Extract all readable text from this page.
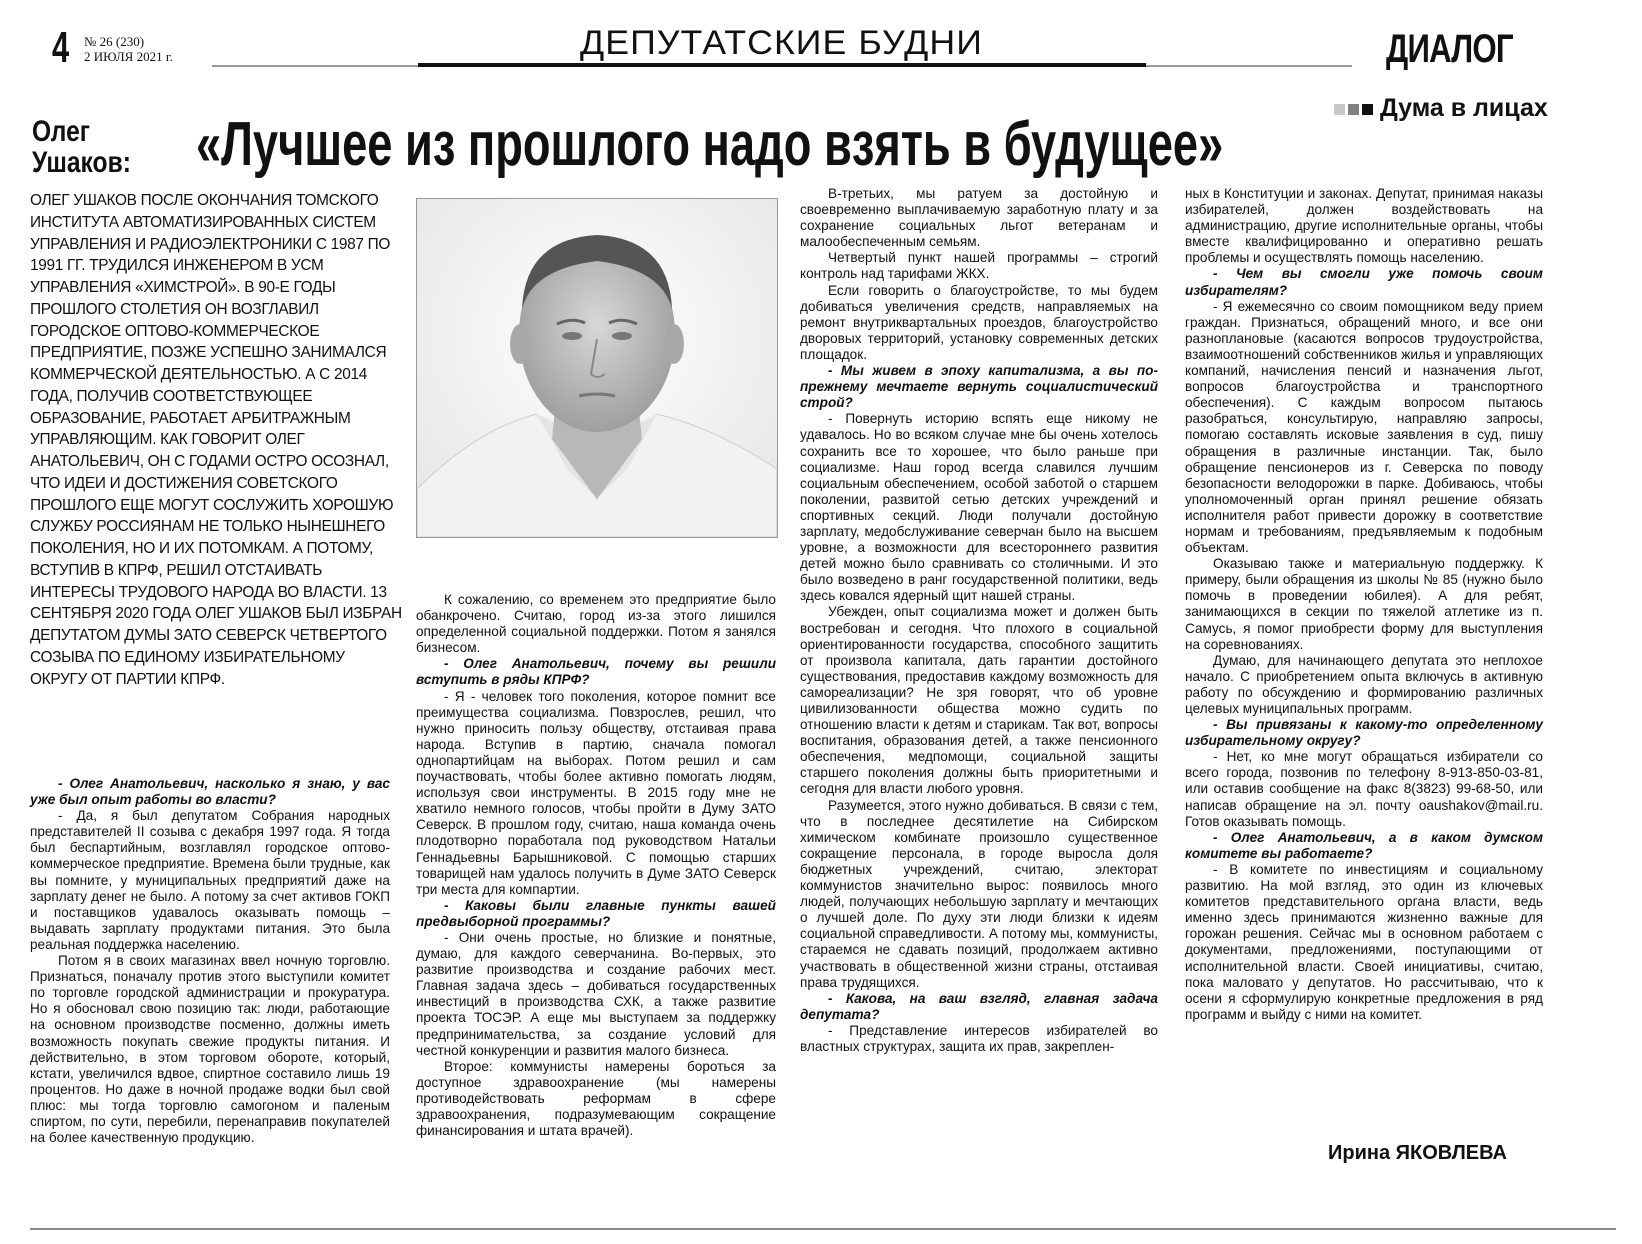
4 № 26 (230)
2 ИЮЛЯ 2021 г.	ДЕПУТАТСКИЕ БУДНИ	ДИАЛОГ
Дума в лицах
Олег
Ушаков: «Лучшее из прошлого надо взять в будущее»
ОЛЕГ УШАКОВ ПОСЛЕ ОКОНЧАНИЯ ТОМСКОГО ИНСТИТУТА АВТОМАТИЗИРОВАННЫХ СИСТЕМ УПРАВЛЕНИЯ И РАДИОЭЛЕКТРОНИКИ С 1987 ПО 1991 ГГ. ТРУДИЛСЯ ИНЖЕНЕРОМ В УСМ УПРАВЛЕНИЯ «ХИМСТРОЙ». В 90-Е ГОДЫ ПРОШЛОГО СТОЛЕТИЯ ОН ВОЗГЛАВИЛ ГОРОДСКОЕ ОПТОВО-КОММЕРЧЕСКОЕ ПРЕДПРИЯТИЕ, ПОЗЖЕ УСПЕШНО ЗАНИМАЛСЯ КОММЕРЧЕСКОЙ ДЕЯТЕЛЬНОСТЬЮ. А С 2014 ГОДА, ПОЛУЧИВ СООТВЕТСТВУЮЩЕЕ ОБРАЗОВАНИЕ, РАБОТАЕТ АРБИТРАЖНЫМ УПРАВЛЯЮЩИМ. КАК ГОВОРИТ ОЛЕГ АНАТОЛЬЕВИЧ, ОН С ГОДАМИ ОСТРО ОСОЗНАЛ, ЧТО ИДЕИ И ДОСТИЖЕНИЯ СОВЕТСКОГО ПРОШЛОГО ЕЩЕ МОГУТ СОСЛУЖИТЬ ХОРОШУЮ СЛУЖБУ РОССИЯНАМ НЕ ТОЛЬКО НЫНЕШНЕГО ПОКОЛЕНИЯ, НО И ИХ ПОТОМКАМ. А ПОТОМУ, ВСТУПИВ В КПРФ, РЕШИЛ ОТСТАИВАТЬ ИНТЕРЕСЫ ТРУДОВОГО НАРОДА ВО ВЛАСТИ. 13 СЕНТЯБРЯ 2020 ГОДА ОЛЕГ УШАКОВ БЫЛ ИЗБРАН ДЕПУТАТОМ ДУМЫ ЗАТО СЕВЕРСК ЧЕТВЕРТОГО СОЗЫВА ПО ЕДИНОМУ ИЗБИРАТЕЛЬНОМУ ОКРУГУ ОТ ПАРТИИ КПРФ.

- Олег Анатольевич, насколько я знаю, у вас уже был опыт работы во власти?

- Да, я был депутатом Собрания народных представителей II созыва с декабря 1997 года. Я тогда был беспартийным, возглавлял городское оптово-коммерческое предприятие. Времена были трудные, как вы помните, у муниципальных предприятий даже на зарплату денег не было. А потому за счет активов ГОКП и поставщиков удавалось оказывать помощь – выдавать зарплату продуктами питания. Это была реальная поддержка населению.

Потом я в своих магазинах ввел ночную торговлю. Признаться, поначалу против этого выступили комитет по торговле городской администрации и прокуратура. Но я обосновал свою позицию так: люди, работающие на основном производстве посменно, должны иметь возможность покупать свежие продукты питания. И действительно, в этом торговом обороте, который, кстати, увеличился вдвое, спиртное составило лишь 19 процентов. Но даже в ночной продаже водки был свой плюс: мы тогда торговлю самогоном и паленым спиртом, по сути, перебили, перенаправив покупателей на более качественную продукцию.

К сожалению, со временем это предприятие было обанкрочено. Считаю, город из-за этого лишился определенной социальной поддержки. Потом я занялся бизнесом.

- Олег Анатольевич, почему вы решили вступить в ряды КПРФ?

- Я - человек того поколения, которое помнит все преимущества социализма. Повзрослев, решил, что нужно приносить пользу обществу, отстаивая права народа. Вступив в партию, сначала помогал однопартийцам на выборах. Потом решил и сам поучаствовать, чтобы более активно помогать людям, используя свои инструменты. В 2015 году мне не хватило немного голосов, чтобы пройти в Думу ЗАТО Северск. В прошлом году, считаю, наша команда очень плодотворно поработала под руководством Натальи Геннадьевны Барышниковой. С помощью старших товарищей нам удалось получить в Думе ЗАТО Северск три места для компартии.

- Каковы были главные пункты вашей предвыборной программы?

- Они очень простые, но близкие и понятные, думаю, для каждого северчанина. Во-первых, это развитие производства и создание рабочих мест. Главная задача здесь – добиваться государственных инвестиций в производства СХК, а также развитие проекта ТОСЭР. А еще мы выступаем за поддержку предпринимательства, за создание условий для честной конкуренции и развития малого бизнеса.

Второе: коммунисты намерены бороться за доступное здравоохранение (мы намерены противодействовать реформам в сфере здравоохранения, подразумевающим сокращение финансирования и штата врачей).

В-третьих, мы ратуем за достойную и своевременно выплачиваемую заработную плату и за сохранение социальных льгот ветеранам и малообеспеченным семьям.

Четвертый пункт нашей программы – строгий контроль над тарифами ЖКХ.

Если говорить о благоустройстве, то мы будем добиваться увеличения средств, направляемых на ремонт внутриквартальных проездов, благоустройство дворовых территорий, установку современных детских площадок.

- Мы живем в эпоху капитализма, а вы по-прежнему мечтаете вернуть социалистический строй?

- Повернуть историю вспять еще никому не удавалось. Но во всяком случае мне бы очень хотелось сохранить все то хорошее, что было раньше при социализме. Наш город всегда славился лучшим социальным обеспечением, особой заботой о старшем поколении, развитой сетью детских учреждений и спортивных секций. Люди получали достойную зарплату, медобслуживание северчан было на высшем уровне, а возможности для всестороннего развития детей можно было сравнивать со столичными. И это было возведено в ранг государственной политики, ведь здесь ковался ядерный щит нашей страны.

Убежден, опыт социализма может и должен быть востребован и сегодня. Что плохого в социальной ориентированности государства, способного защитить от произвола капитала, дать гарантии достойного существования, предоставив каждому возможность для самореализации? Не зря говорят, что об уровне цивилизованности общества можно судить по отношению власти к детям и старикам. Так вот, вопросы воспитания, образования детей, а также пенсионного обеспечения, медпомощи, социальной защиты старшего поколения должны быть приоритетными и сегодня для власти любого уровня.

Разумеется, этого нужно добиваться. В связи с тем, что в последнее десятилетие на Сибирском химическом комбинате произошло существенное сокращение персонала, в городе выросла доля бюджетных учреждений, считаю, электорат коммунистов значительно вырос: появилось много людей, получающих небольшую зарплату и мечтающих о лучшей доле. По духу эти люди близки к идеям социальной справедливости. А потому мы, коммунисты, стараемся не сдавать позиций, продолжаем активно участвовать в общественной жизни страны, отстаивая права трудящихся.

- Какова, на ваш взгляд, главная задача депутата?

- Представление интересов избирателей во властных структурах, защита их прав, закреплен-

ных в Конституции и законах. Депутат, принимая наказы избирателей, должен воздействовать на администрацию, другие исполнительные органы, чтобы вместе квалифицированно и оперативно решать проблемы и осуществлять помощь населению.

- Чем вы смогли уже помочь своим избирателям?

- Я ежемесячно со своим помощником веду прием граждан. Признаться, обращений много, и все они разноплановые (касаются вопросов трудоустройства, взаимоотношений собственников жилья и управляющих компаний, начисления пенсий и назначения льгот, вопросов благоустройства и транспортного обеспечения). С каждым вопросом пытаюсь разобраться, консультирую, направляю запросы, помогаю составлять исковые заявления в суд, пишу обращения в различные инстанции. Так, было обращение пенсионеров из г. Северска по поводу безопасности велодорожки в парке. Добиваюсь, чтобы уполномоченный орган принял решение обязать исполнителя работ привести дорожку в соответствие нормам и требованиям, предъявляемым к подобным объектам.

Оказываю также и материальную поддержку. К примеру, были обращения из школы № 85 (нужно было помочь в проведении юбилея). А для ребят, занимающихся в секции по тяжелой атлетике из п. Самусь, я помог приобрести форму для выступления на соревнованиях.

Думаю, для начинающего депутата это неплохое начало. С приобретением опыта включусь в активную работу по обсуждению и формированию различных целевых муниципальных программ.

- Вы привязаны к какому-то определенному избирательному округу?

- Нет, ко мне могут обращаться избиратели со всего города, позвонив по телефону 8-913-850-03-81, или оставив сообщение на факс 8(3823) 99-68-50, или написав обращение на эл. почту oaushakov@mail.ru. Готов оказывать помощь.

- Олег Анатольевич, а в каком думском комитете вы работаете?

- В комитете по инвестициям и социальному развитию. На мой взгляд, это один из ключевых комитетов представительного органа власти, ведь именно здесь принимаются жизненно важные для горожан решения. Сейчас мы в основном работаем с документами, предложениями, поступающими от исполнительной власти. Своей инициативы, считаю, пока маловато у депутатов. Но рассчитываю, что к осени я сформулирую конкретные предложения в ряд программ и выйду с ними на комитет.

Ирина ЯКОВЛЕВА
